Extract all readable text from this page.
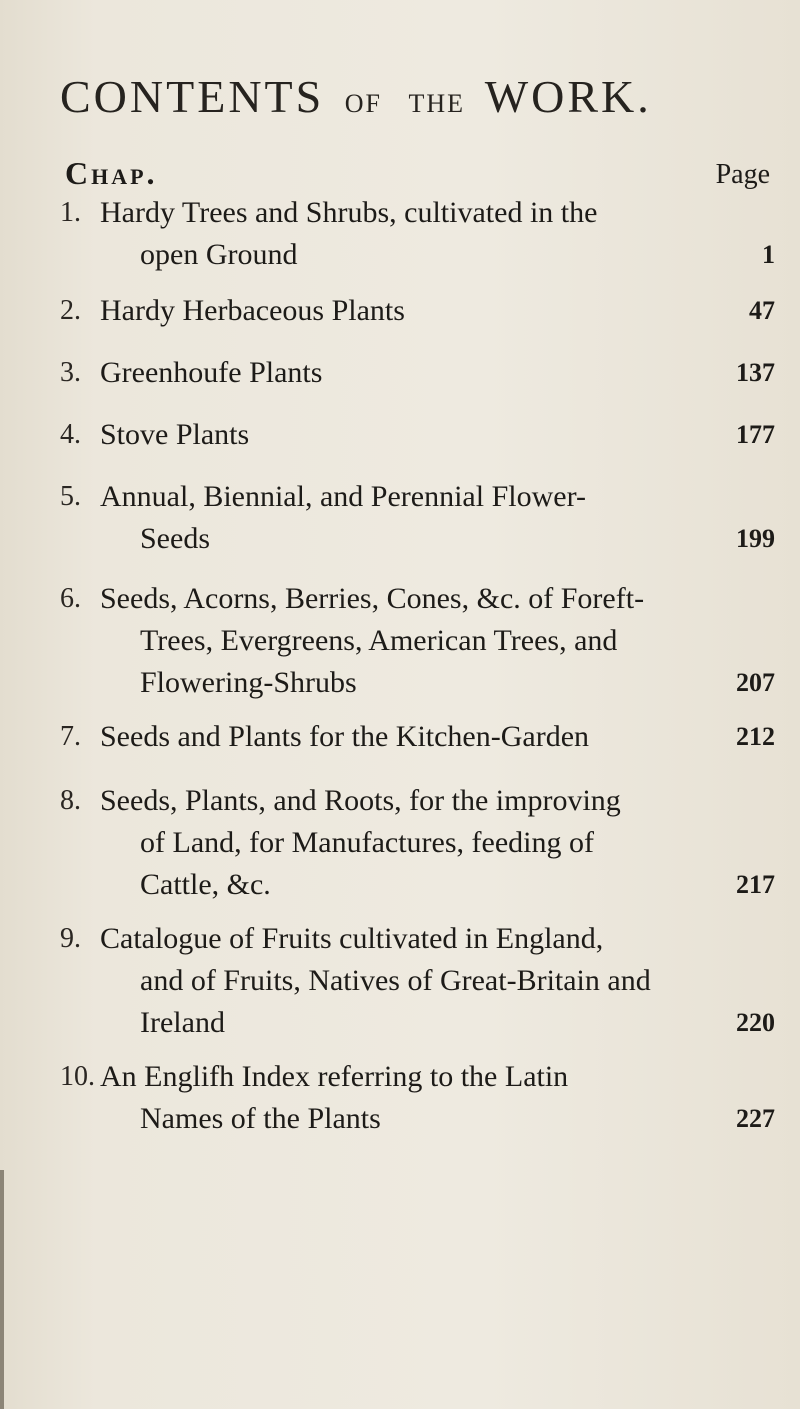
CONTENTS OF THE WORK.
Chap.	Page
1. Hardy Trees and Shrubs, cultivated in the
open Ground	1
2. Hardy Herbaceous Plants	47
3. Greenhoufe Plants	137
4. Stove Plants	177
5. Annual, Biennial, and Perennial Flower-
Seeds	199
6. Seeds, Acorns, Berries, Cones, &c. of Foreft-
Trees, Evergreens, American Trees, and
Flowering-Shrubs	207
7. Seeds and Plants for the Kitchen-Garden	212
8. Seeds, Plants, and Roots, for the improving
of Land, for Manufactures, feeding of
Cattle, &c.	217
9. Catalogue of Fruits cultivated in England,
and of Fruits, Natives of Great-Britain and
Ireland	220
10. An Englifh Index referring to the Latin
Names of the Plants	227
